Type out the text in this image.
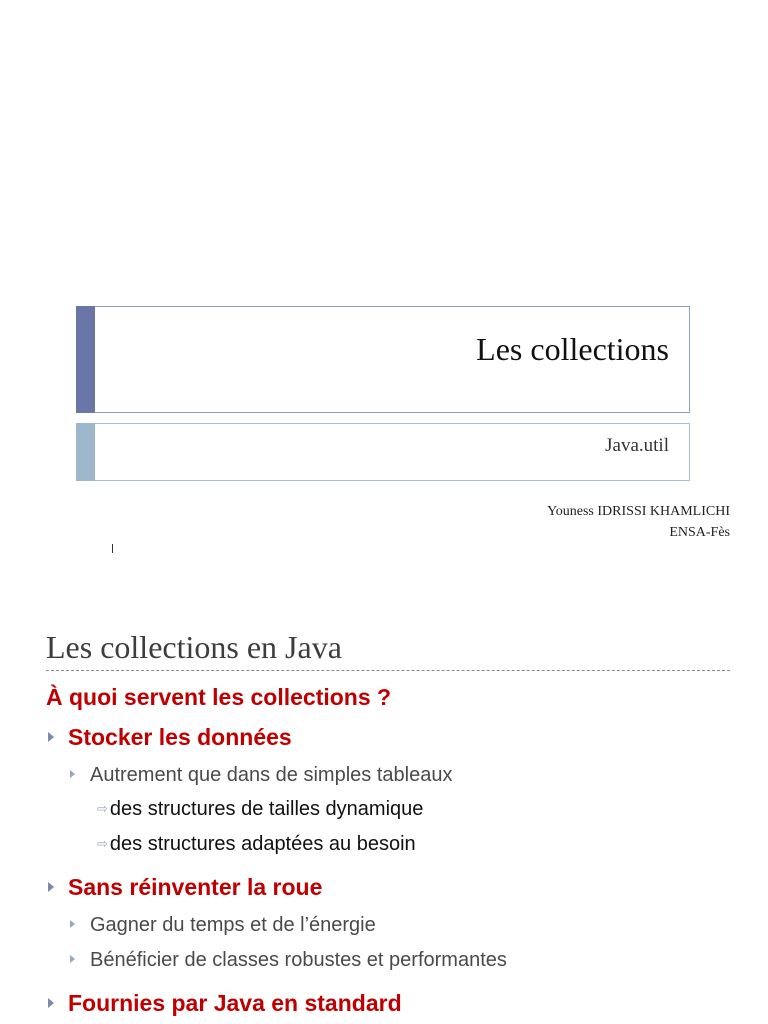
Les collections
Java.util
Youness IDRISSI KHAMLICHI
ENSA-Fès
Les collections en Java
À quoi servent les collections ?
Stocker les données
Autrement que dans de simples tableaux
⇨ des structures de tailles dynamique
⇨ des structures adaptées au besoin
Sans réinventer la roue
Gagner du temps et de l’énergie
Bénéficier de classes robustes et performantes
Fournies par Java en standard
